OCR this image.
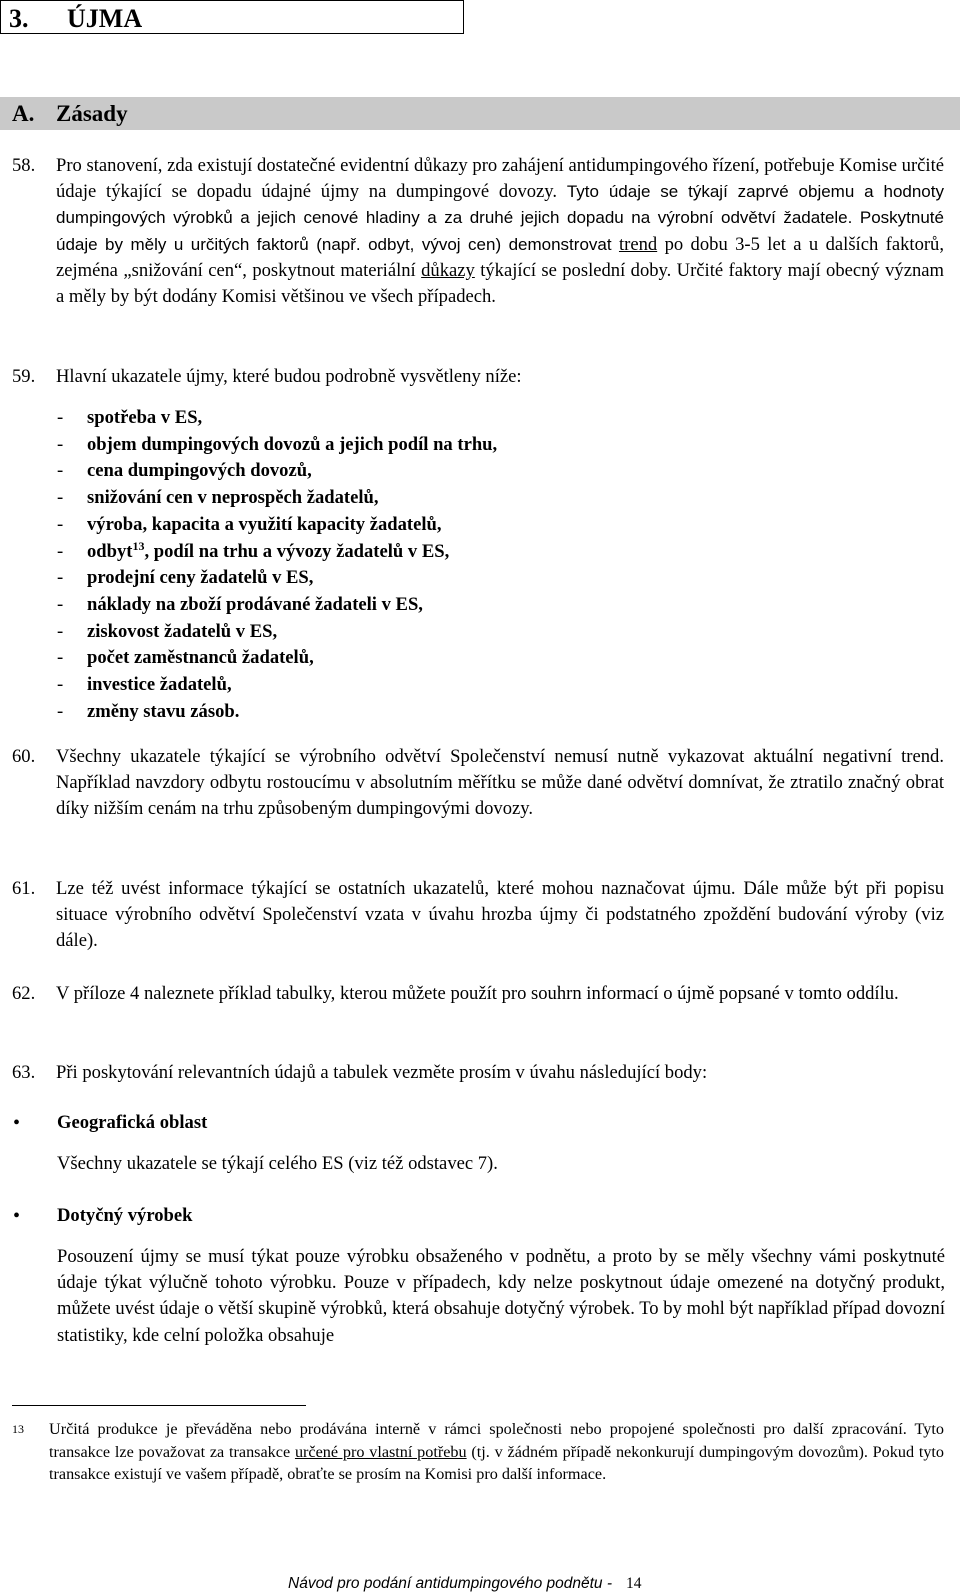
3. ÚJMA
A. Zásady
58. Pro stanovení, zda existují dostatečné evidentní důkazy pro zahájení antidumpingového řízení, potřebuje Komise určité údaje týkající se dopadu údajné újmy na dumpingové dovozy. Tyto údaje se týkají zaprvé objemu a hodnoty dumpingových výrobků a jejich cenové hladiny a za druhé jejich dopadu na výrobní odvětví žadatele. Poskytnuté údaje by měly u určitých faktorů (např. odbyt, vývoj cen) demonstrovat trend po dobu 3-5 let a u dalších faktorů, zejména „snižování cen“, poskytnout materiální důkazy týkající se poslední doby. Určité faktory mají obecný význam a měly by být dodány Komisi většinou ve všech případech.
59. Hlavní ukazatele újmy, které budou podrobně vysvětleny níže:
- spotřeba v ES,
- objem dumpingových dovozů a jejich podíl na trhu,
- cena dumpingových dovozů,
- snižování cen v neprospěch žadatelů,
- výroba, kapacita a využití kapacity žadatelů,
- odbyt$^{13}$, podíl na trhu a vývozy žadatelů v ES,
- prodejní ceny žadatelů v ES,
- náklady na zboží prodávané žadateli v ES,
- ziskovost žadatelů v ES,
- počet zaměstnanců žadatelů,
- investice žadatelů,
- změny stavu zásob.
60. Všechny ukazatele týkající se výrobního odvětví Společenství nemusí nutně vykazovat aktuální negativní trend. Například navzdory odbytu rostoucímu v absolutním měřítku se může dané odvětví domnívat, že ztratilo značný obrat díky nižším cenám na trhu způsobeným dumpingovými dovozy.
61. Lze též uvést informace týkající se ostatních ukazatelů, které mohou naznačovat újmu. Dále může být při popisu situace výrobního odvětví Společenství vzata v úvahu hrozba újmy či podstatného zpoždění budování výroby (viz dále).
62. V příloze 4 naleznete příklad tabulky, kterou můžete použít pro souhrn informací o újmě popsané v tomto oddílu.
63. Při poskytování relevantních údajů a tabulek vezměte prosím v úvahu následující body:
• Geografická oblast
Všechny ukazatele se týkají celého ES (viz též odstavec 7).
• Dotyčný výrobek
Posouzení újmy se musí týkat pouze výrobku obsaženého v podnětu, a proto by se měly všechny vámi poskytnuté údaje týkat výlučně tohoto výrobku. Pouze v případech, kdy nelze poskytnout údaje omezené na dotyčný produkt, můžete uvést údaje o větší skupině výrobků, která obsahuje dotyčný výrobek. To by mohl být například případ dovozní statistiky, kde celní položka obsahuje
13 Určitá produkce je převáděna nebo prodávána interně v rámci společnosti nebo propojené společnosti pro další zpracování. Tyto transakce lze považovat za transakce určené pro vlastní potřebu (tj. v žádném případě nekonkurují dumpingovým dovozům). Pokud tyto transakce existují ve vašem případě, obraťte se prosím na Komisi pro další informace.
Návod pro podání antidumpingového podnětu - 14
